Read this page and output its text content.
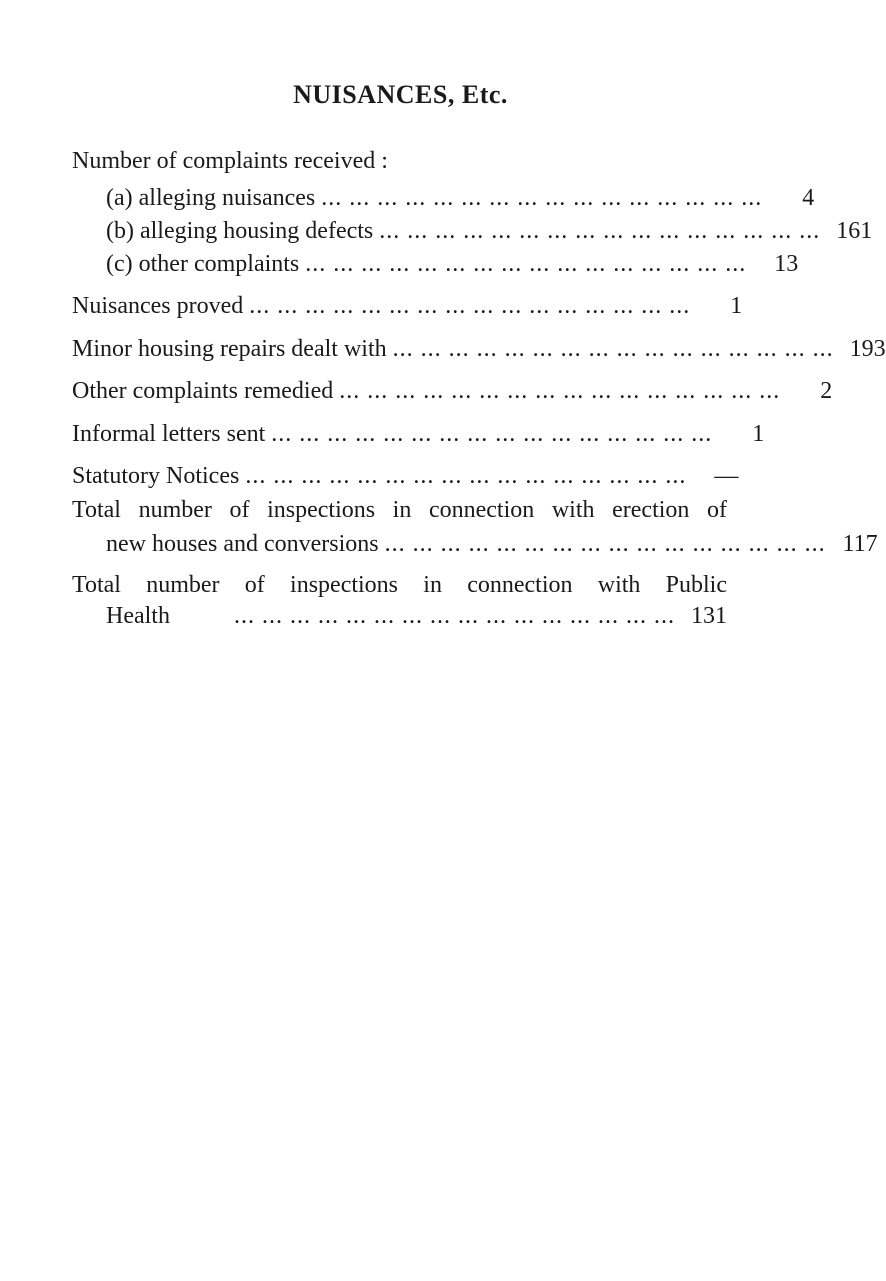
NUISANCES, Etc.
Number of complaints received :
(a) alleging nuisances ... ... ... ... ... ... ... ... ... ... ... ... ... ... ... ...	4
(b) alleging housing defects ... ... ... ... ... ... ... ... ... ... ... ... ... ... ... ... 161
(c) other complaints ... ... ... ... ... ... ... ... ... ... ... ... ... ... ... ...	13
Nuisances proved ... ... ... ... ... ... ... ... ... ... ... ... ... ... ... ...	1
Minor housing repairs dealt with ... ... ... ... ... ... ... ... ... ... ... ... ... ... ... ... 193
Other complaints remedied ... ... ... ... ... ... ... ... ... ... ... ... ... ... ... ...	2
Informal letters sent ... ... ... ... ... ... ... ... ... ... ... ... ... ... ... ...	1
Statutory Notices ... ... ... ... ... ... ... ... ... ... ... ... ... ... ... ...	—
Total number of inspections in connection with erection of
new houses and conversions ... ... ... ... ... ... ... ... ... ... ... ... ... ... ... ... 117
Total number of inspections in connection with Public
Health	... ... ... ... ... ... ... ... ... ... ... ... ... ... ... ... 131
